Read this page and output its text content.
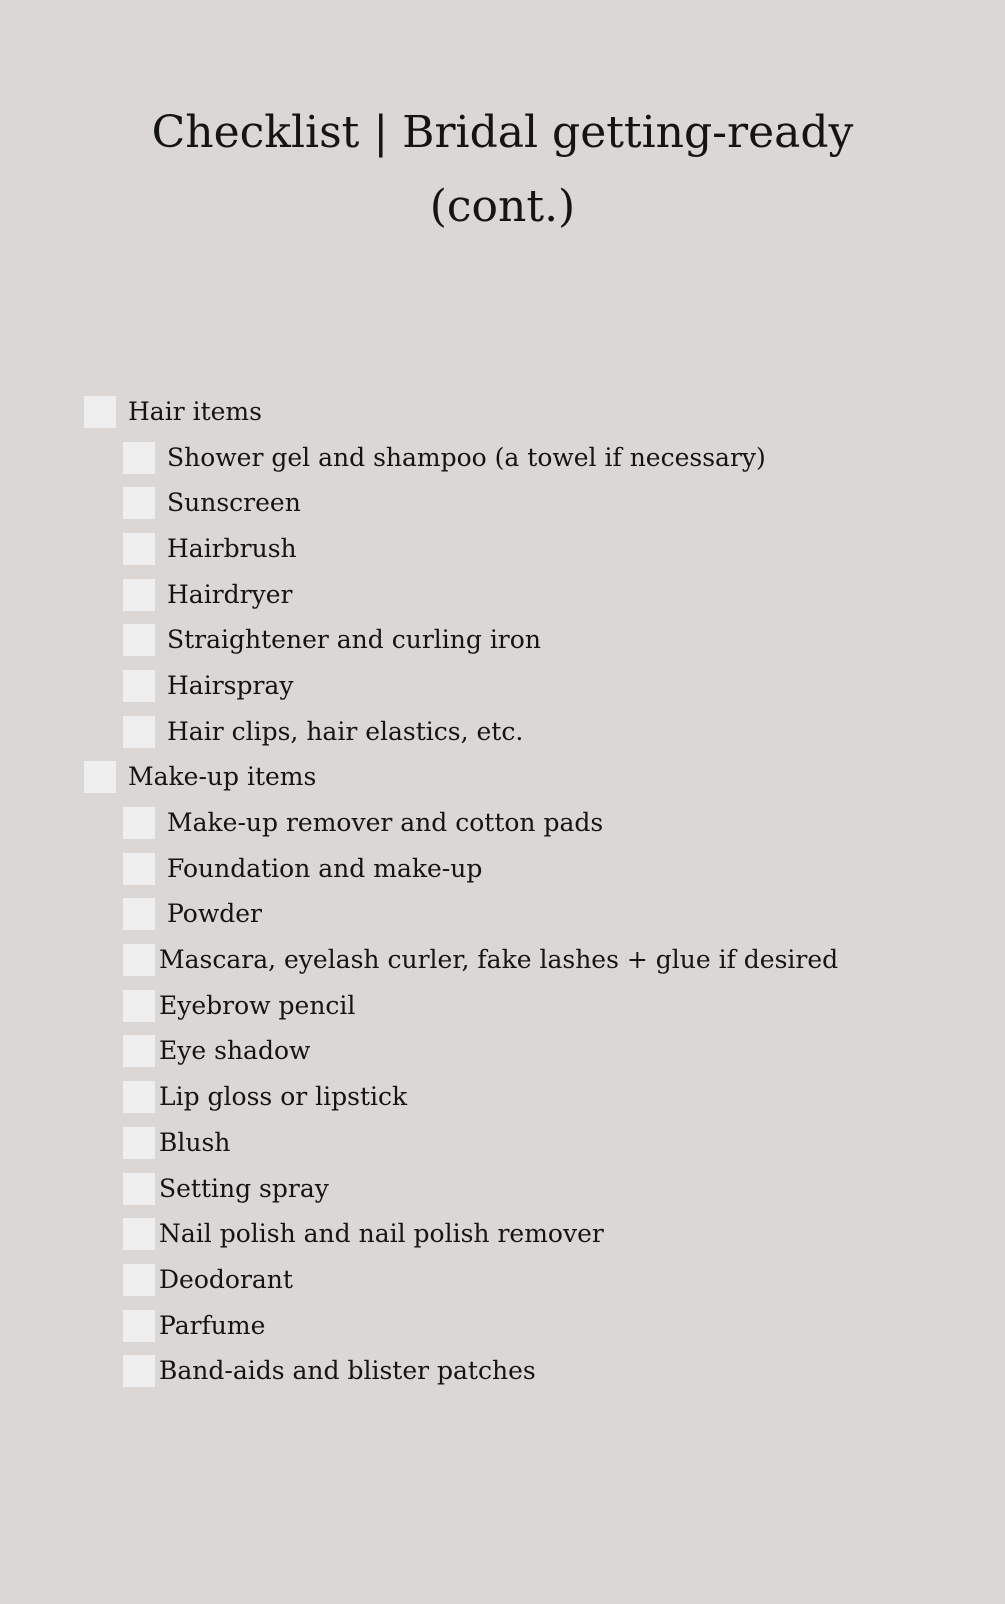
Checklist | Bridal getting-ready
(cont.)
Hair items
Shower gel and shampoo (a towel if necessary)
Sunscreen
Hairbrush
Hairdryer
Straightener and curling iron
Hairspray
Hair clips, hair elastics, etc.
Make-up items
Make-up remover and cotton pads
Foundation and make-up
Powder
Mascara, eyelash curler, fake lashes + glue if desired
Eyebrow pencil
Eye shadow
Lip gloss or lipstick
Blush
Setting spray
Nail polish and nail polish remover
Deodorant
Parfume
Band-aids and blister patches
